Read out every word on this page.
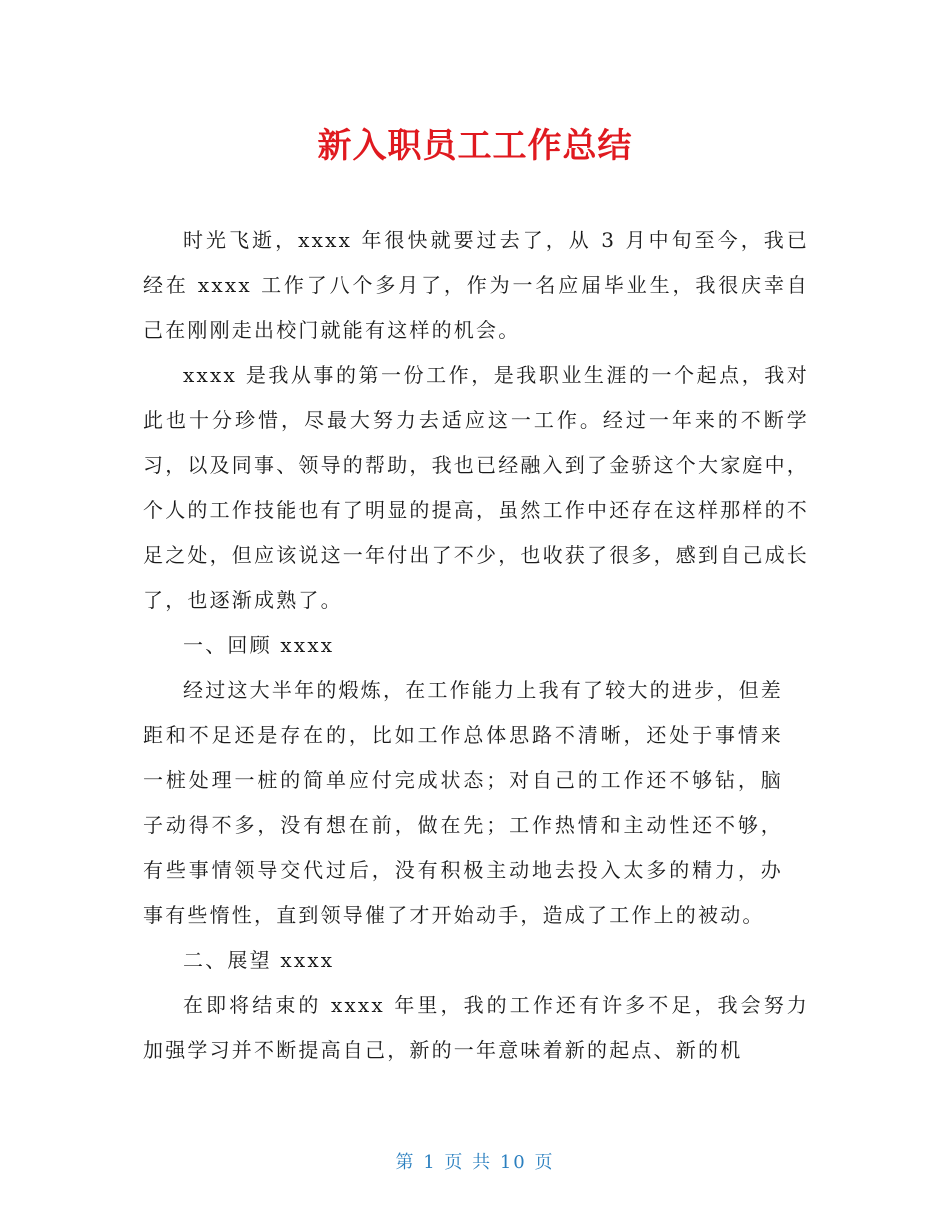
新入职员工工作总结

时光飞逝，xxxx 年很快就要过去了，从 3 月中旬至今，我已经在 xxxx 工作了八个多月了，作为一名应届毕业生，我很庆幸自己在刚刚走出校门就能有这样的机会。

xxxx 是我从事的第一份工作，是我职业生涯的一个起点，我对此也十分珍惜，尽最大努力去适应这一工作。经过一年来的不断学习，以及同事、领导的帮助，我也已经融入到了金骄这个大家庭中，个人的工作技能也有了明显的提高，虽然工作中还存在这样那样的不足之处，但应该说这一年付出了不少，也收获了很多，感到自己成长了，也逐渐成熟了。

一、回顾 xxxx

经过这大半年的煅炼，在工作能力上我有了较大的进步，但差距和不足还是存在的，比如工作总体思路不清晰，还处于事情来一桩处理一桩的简单应付完成状态；对自己的工作还不够钻，脑子动得不多，没有想在前，做在先；工作热情和主动性还不够，有些事情领导交代过后，没有积极主动地去投入太多的精力，办事有些惰性，直到领导催了才开始动手，造成了工作上的被动。

二、展望 xxxx

在即将结束的 xxxx 年里，我的工作还有许多不足，我会努力加强学习并不断提高自己，新的一年意味着新的起点、新的机

第 1 页 共 10 页
